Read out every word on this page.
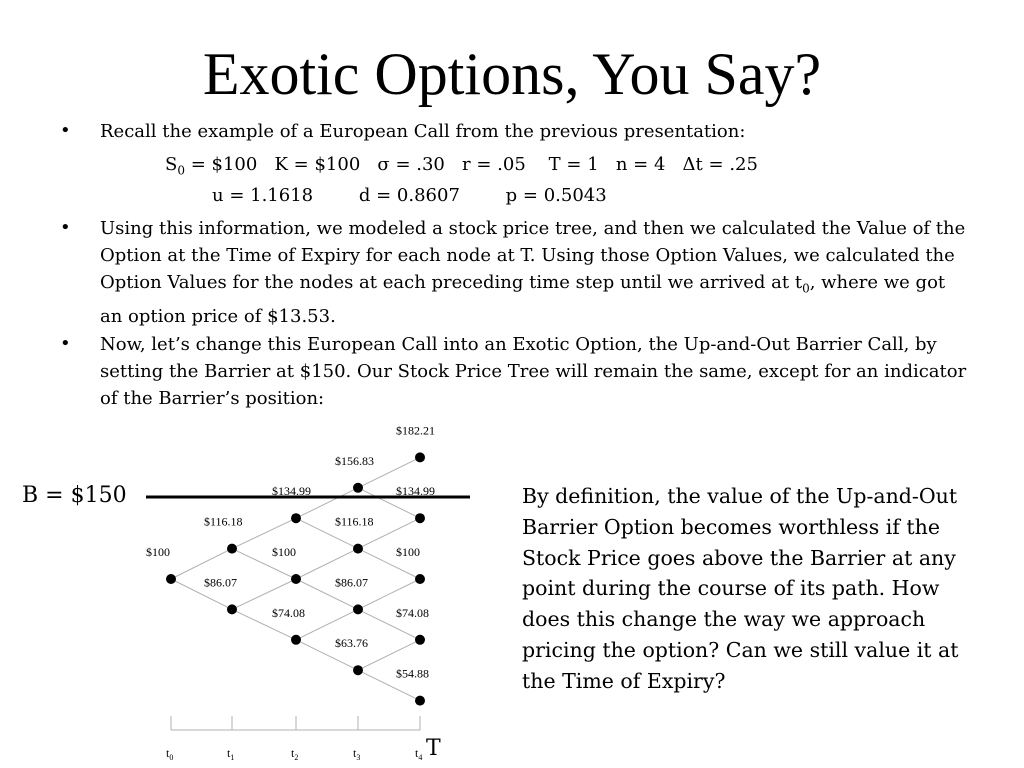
Exotic Options, You Say?
• Recall the example of a European Call from the previous presentation:
$S_0$ = $100   K = $100   σ = .30   r = .05    T = 1   n = 4   Δt = .25
u = 1.1618        d = 0.8607        p = 0.5043
• Using this information, we modeled a stock price tree, and then we calculated the Value of the Option at the Time of Expiry for each node at T. Using those Option Values, we calculated the Option Values for the nodes at each preceding time step until we arrived at $t_0$, where we got an option price of $13.53.
• Now, let’s change this European Call into an Exotic Option, the Up-and-Out Barrier Call, by setting the Barrier at $150. Our Stock Price Tree will remain the same, except for an indicator of the Barrier’s position:
$100
$116.18
$86.07
$134.99
$100
$74.08
$156.83
$116.18
$86.07
$63.76
$182.21
$134.99
$100
$74.08
$54.88
$t_0$	$t_1$	$t_2$	$t_3$	$t_4$
B = $150
T
By definition, the value of the Up-and-Out Barrier Option becomes worthless if the Stock Price goes above the Barrier at any point during the course of its path. How does this change the way we approach pricing the option? Can we still value it at the Time of Expiry?
